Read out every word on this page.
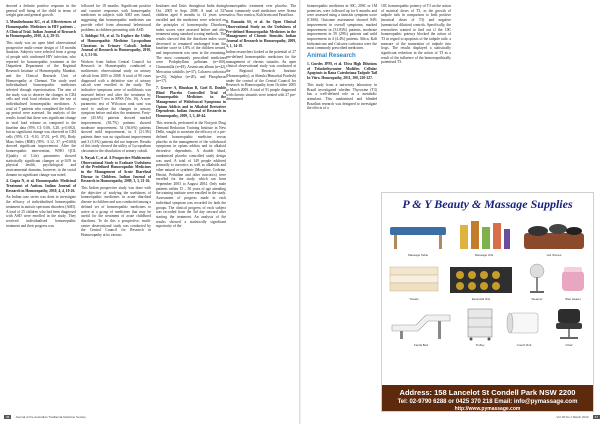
showed a definite positive response in the general well being of the child in terms of weight gain and general growth.

3. Mundeelnaran KC, et al. Effectiveness of Homoeopathic Medicines in HIV patients – A Clinical Trial. Indian Journal of Research in Homoeopathy, 2010, 4, 4, 29-35.

This study was an open label observational prospective multi-centre design of 18 months duration. Subjects were selected from a group of people with confirmed HIV infection, who reported for homoeopathic treatment at the Outpatient Department of the Regional Research Institute of Homoeopathy, Mumbai, and the Clinical Research Unit of Homoeopathy at Chennai. The study used individualised homoeopathic medicines selected through repertorisation. The aim of the study was to observe the changes in CD4 cells and viral load relation after the use of individualised homoeopathic medicines. A total of 7 patients who completed the follow-up period were assessed. An analysis of the results found that there was significant change in viral load volume as compared to the baseline data (95% CI: 0.06, 3.20, p<0.002), but no significant change was observed in CD4 cells (95% CI: -9.10, 37.01, p=0. 09), Body Mass Index (BMI) (95% -3.12, 37, p=0.684) showed significant improvement. After the homoeopathic intervention, WHO QOL (Quality of Life) parameters showed statistically significant changes at p<0.05 in physical health, psychological and environmental domains, however, in the social domain no significant change was noted.

4. Gupta N, et al. Homoeopathic Medicinal Treatment of Autism. Indian Journal of Research in Homoeopathy, 2010, 4, 4, 19-26.

An Indian case series was done to investigate the efficacy of individualised homoeopathic treatment in autistic spectrum disorders (ASD). A total of 25 children who had been diagnosed with ASD were enrolled in the study. They received individualised homoeopathic treatment and their progress was

followed for 18 months. Significant positive and curative responses with homoeopathy medicines in subjects with ASD was found, suggesting that homoeopathic medicines can provide relief from abnormal behavioural problems in children presenting with ASD.

5. Siddiqui VA, et al. To Explore the Utility of Homoeopathic Medicine Lycopodium Clavatum in Urinary Calculi. Indian Journal of Research in Homoeopathy, 2010, 4, 3, 51-56.

Workers from Indian Central Council for Research in Homoeopathy conducted a multicentre, observational study on urinary calculi from 2005 to 2008. A total of 90 cases diagnosed with a definitive size of urinary calculi were enrolled in the study. The indicative symptoms were of urolithiasis was assessed before and after the treatment by using paired T test in SPSS (Ver. 16). A non-parametric test of 'Wilcoxon rank sum' was used to analyze the changes in urinary symptom before and after the treatment. Forty-one (45.6%) patients showed marked improvement, (63.7%) patients showed moderate improvement, 34 (36.6%) patients showed mild improvement, in 3 (21.3%) patients there was no significant improvement and 3 (3.3%) patients did not improve. Results of this study showed the utility of Lycopodium clavatum in the dissolution of urinary calculi.

6. Nayak C, et al. A Prospective Multicentric Observational Study to Evaluate Usefulness of the Predefined Homoeopathic Medicines in the Management of Acute Diarrheal Disease in Children. Indian Journal of Research in Homoeopathy, 2009, 3, 3, 21-26.

This Indian prospective study was done with the objective of studying the usefulness of homoeopathic medicines in acute diarrheal disease in children and was conducted among a defined set of homoeopathic medicines to arrive at a group of medicines that may be useful for the treatment of acute childhood diarrhoea. To do this a prospective, multi-centre observational study was conducted by the Central Council for Research in Homoeopathy at its various

Institutes and Units throughout India during Oct. 2005 to Sept. 2008. A total of 527 children aged 6 months to 12 years were enrolled and the medicines were selected on the principles of homoeopathy. Diarrhoea index scores were assessed before and after treatment using standard scoring methods. The results showed that the diarrhoea index score decreased or remained unchanged from the baseline score in 1.8% of the children treated, and improvement was seen in the remaining. The most commonly prescribed medicines were Podophyllum peltatum (n=160), Chamomilla (n=49), Arsenicum album (n=42), Mercurius solubilis (n=37), Calcarea carbonica (n=25), Sulphur (n=20), and Phosphorus (n=17).

7. Grover A, Bhushan B, Goel R. Double Blind Placebo Controlled Trial of Homoeopathic Medicines in the Management of Withdrawal Symptoms in Opium Addicts and in Alkaloid Derivative Dependents. Indian Journal of Research in Homoeopathy, 2009, 3, 3, 40-44.

This research, performed at the Navjyoti Drug Demand Reduction Training Institute in New Delhi, sought to ascertain the efficacy of a pre-defined homoeopathic medicine versus placebo in the management of the withdrawal symptoms in opium addicts and in alkaloid derivative dependents. A double blind, randomised placebo controlled study design was used. A total of 149 people addicted primarily to narcotics as well as alkaloids and other natural or synthetic (Morphine, Codeine, Heroin, Pethidine and other narcotics) were enrolled for the study, which ran from September 2003 to August 2004. Only male patients within 15 – 50 years of age attending the training institute were enrolled in the study. Assessment of progress made in each individual symptom was recorded for both the groups. The clinical progress of each subject was recorded from the 3rd day onward after starting the treatment. An analysis of the results showed a statistically significant superiority of the

homoeopathic treatment over placebo. The most commonly used medicines were Avena sativa, Nux vomica, Kali brom and Passiflora.

8. Ramaiia SS, et al. An Open Clinical Observational Study on the Usefulness of Pre-defined Homoeopathic Medicines in the Management of Chronic Sinusitis. Indian Journal of Research in Homoeopathy, 2009, 3, 1, 14-18.

Indian researchers looked at the potential of 27 pre-defined homoeopathic medicines for the management of chronic sinusitis. An open clinical observational study was conducted at the Regional Research Institute (Homoeopathy), at Shimla (Himachal Pradesh) under the control of the Central Council for Research in Homoeopathy from October 2005 to March 2009. A total of 91 people diagnosed with chronic sinusitis were treated with 27 pre-determined

36 Journal of the Australian Traditional-Medicine Society

homoeopathic medicines in 30C, 200C or 1M potencies, were followed up for 6 months and were assessed using a sinusitis symptom score (CSSS). Outcome assessment showed 84% improvement in overall symptoms; marked improvement in (31.83%) patients, moderate improvement in 59 (29%) patients and mild improvement in 4 (4.4%) patients. Silica, Kali bichromicum and Calcarea carbonica were the most commonly prescribed medicines.

Animal Research

1. Guedes JPM, et al. Ultra High Dilutions of Triiodothyronine Modifies Cellular Apoptosis in Rana Catesbeiana Tadpole Tail In Vitro. Homeopathy, 2011, 100, 220-227.

This study from a university laboratory in Brazil investigated whether Thyroxine (T3) has a well-defined role as a metabolic stimulant. This randomised and blinded Brazilian research was designed to investigate the effects of a

10C homoeopathic potency of T3 on the action of matrical doses of T3, as the growth of tadpole tails in comparison to both positive (matrical doses of T3) and negative (unmatrical dilution) controls. Specifically, the researchers wanted to find out if the 10C homoeopathic potency blocked the action of T3 in regard to apoptosis of the tadpole tails: a measure of the maturation of tadpole into frogs. The results displayed a statistically significant reduction in the action of T3 as a result of the influence of the homoeopathically potentised T3.

Vol 18 No 1 March 2012 37
P & Y Beauty & Massage Supplies
Massage Table	Massage Oils	Hot Stones
Towels	Essential Oils	Steamer	Wax Heater
Facial Bed	Trolley	Couch Roll	Chair
Address: 158 Lancelot St Condell Park NSW 2200
Tel: 02-9790 6288 or 0425 370 218 Email: info@pymassage.com
http://www.pymassage.com
